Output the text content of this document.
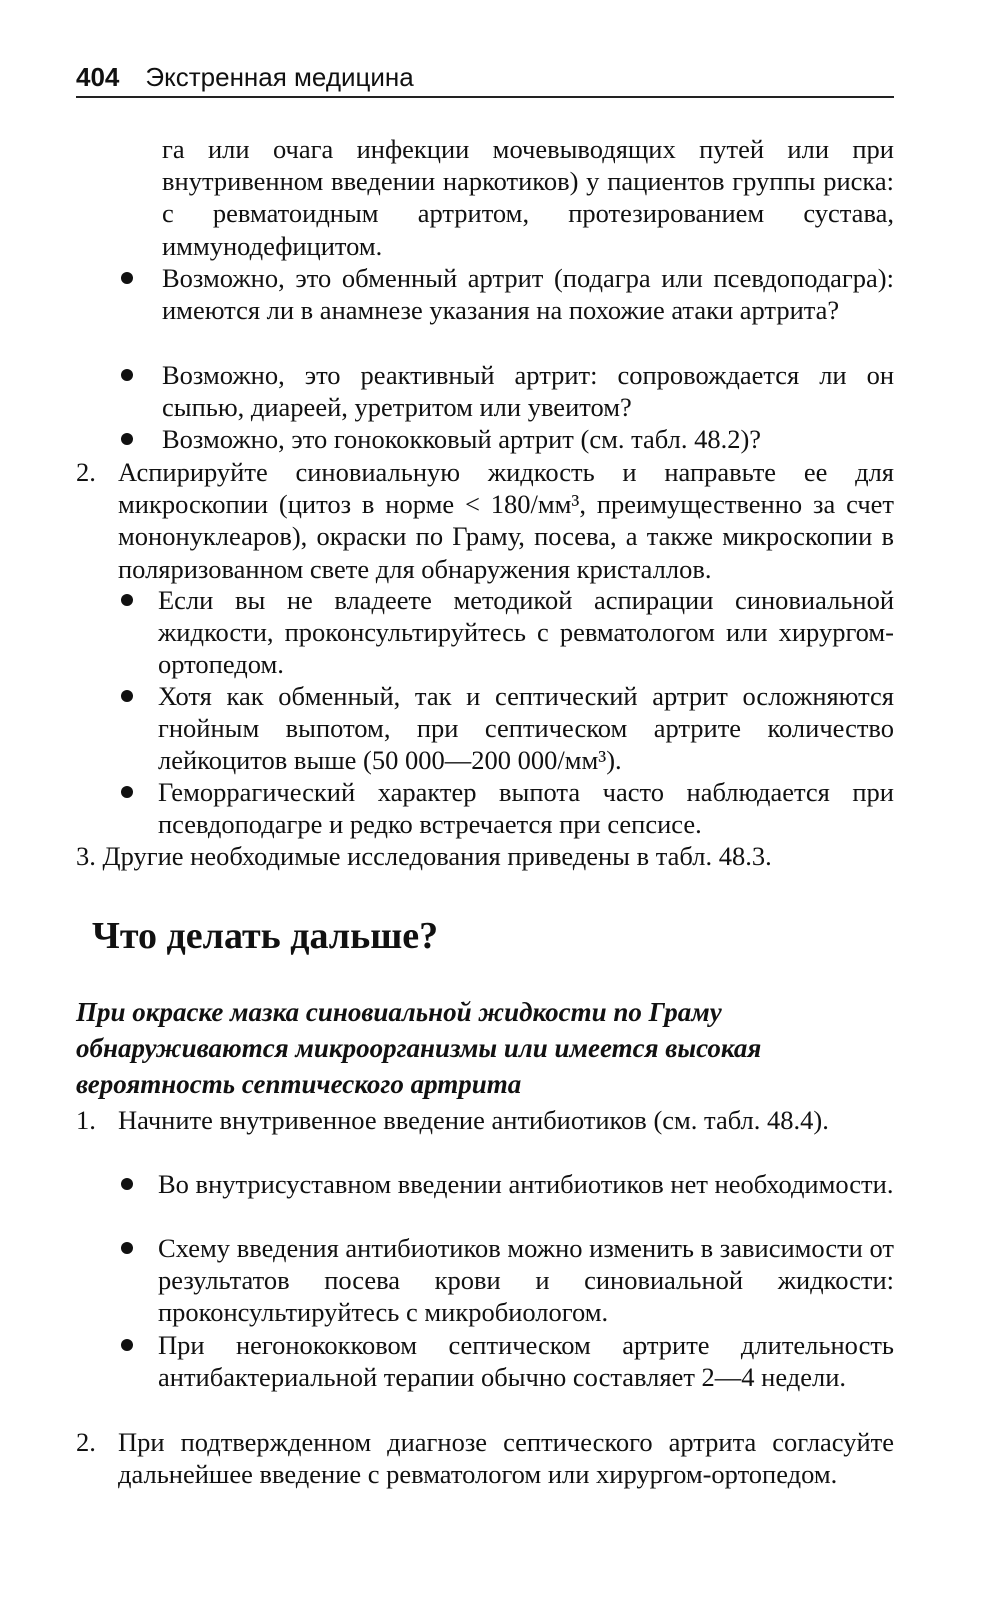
404 Экстренная медицина

га или очага инфекции мочевыводящих путей или при внутривенном введении наркотиков) у пациентов группы риска: с ревматоидным артритом, протезированием сустава, иммунодефицитом.

Возможно, это обменный артрит (подагра или псевдоподагра): имеются ли в анамнезе указания на похожие атаки артрита?

Возможно, это реактивный артрит: сопровождается ли он сыпью, диареей, уретритом или увеитом?

Возможно, это гонококковый артрит (см. табл. 48.2)?

2. Аспирируйте синовиальную жидкость и направьте ее для микроскопии (цитоз в норме < 180/мм³, преимущественно за счет мононуклеаров), окраски по Граму, посева, а также микроскопии в поляризованном свете для обнаружения кристаллов.

Если вы не владеете методикой аспирации синовиальной жидкости, проконсультируйтесь с ревматологом или хирургом-ортопедом.

Хотя как обменный, так и септический артрит осложняются гнойным выпотом, при септическом артрите количество лейкоцитов выше (50 000—200 000/мм³).

Геморрагический характер выпота часто наблюдается при псевдоподагре и редко встречается при сепсисе.

3. Другие необходимые исследования приведены в табл. 48.3.

Что делать дальше?

При окраске мазка синовиальной жидкости по Граму обнаруживаются микроорганизмы или имеется высокая вероятность септического артрита

1. Начните внутривенное введение антибиотиков (см. табл. 48.4).

Во внутрисуставном введении антибиотиков нет необходимости.

Схему введения антибиотиков можно изменить в зависимости от результатов посева крови и синовиальной жидкости: проконсультируйтесь с микробиологом.

При негонококковом септическом артрите длительность антибактериальной терапии обычно составляет 2—4 недели.

2. При подтвержденном диагнозе септического артрита согласуйте дальнейшее введение с ревматологом или хирургом-ортопедом.
